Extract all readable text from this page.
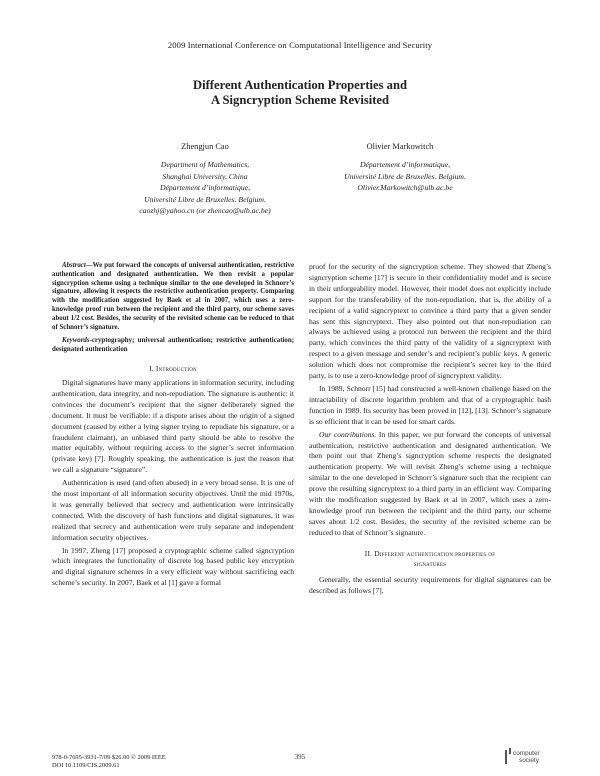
2009 International Conference on Computational Intelligence and Security
Different Authentication Properties and
A Signcryption Scheme Revisited
Zhengjun Cao	Olivier Markowitch
Department of Mathematics,
Shanghai University, China
Département d’informatique,
Université Libre de Bruxelles. Belgium.
caozhj@yahoo.cn (or zhencao@ulb.ac.be)
Département d’informatique,
Université Libre de Bruxelles. Belgium.
Olivier.Markowitch@ulb.ac.be
Abstract—We put forward the concepts of universal authentication, restrictive authentication and designated authentication. We then revisit a popular signcryption scheme using a technique similar to the one developed in Schnorr’s signature, allowing it respects the restrictive authentication property. Comparing with the modification suggested by Baek et al in 2007, which uses a zero-knowledge proof run between the recipient and the third party, our scheme saves about 1/2 cost. Besides, the security of the revisited scheme can be reduced to that of Schnorr’s signature.
Keywords-cryptography; universal authentication; restrictive authentication; designated authentication
I. Introduction

Digital signatures have many applications in information security, including authentication, data integrity, and non-repudiation. The signature is authentic: it convinces the document’s recipient that the signer deliberately signed the document. It must be verifiable: if a dispute arises about the origin of a signed document (caused by either a lying signer trying to repudiate his signature, or a fraudulent claimant), an unbiased third party should be able to resolve the matter equitably, without requiring access to the signer’s secret information (private key) [7]. Roughly speaking, the authentication is just the reason that we call a signature “signature”.

Authentication is used (and often abused) in a very broad sense. It is one of the most important of all information security objectives. Until the mid 1970s, it was generally believed that secrecy and authentication were intrinsically connected. With the discovery of hash functions and digital signatures, it was realized that secrecy and authentication were truly separate and independent information security objectives.

In 1997, Zheng [17] proposed a cryptographic scheme called signcryption which integrates the functionality of discrete log based public key encryption and digital signature schemes in a very efficient way without sacrificing each scheme’s security. In 2007, Baek et al [1] gave a formal

proof for the security of the signcryption scheme. They showed that Zheng’s signcryption scheme [17] is secure in their confidentiality model and is secure in their unforgeability model. However, their model does not explicitly include support for the transferability of the non-repudiation, that is, the ability of a recipient of a valid signcryptext to convince a third party that a given sender has sent this signcryptext. They also pointed out that non-repudiation can always be achieved using a protocol run between the recipient and the third party, which convinces the third party of the validity of a signcryptext with respect to a given message and sender’s and recipient’s public keys. A generic solution which does not compromise the recipient’s secret key to the third party, is to use a zero-knowledge proof of signcryptext validity.

In 1989, Schnorr [15] had constructed a well-known challenge based on the intractability of discrete logarithm problem and that of a cryptographic hash function in 1989. Its security has been proved in [12], [13]. Schnorr’s signature is so efficient that it can be used for smart cards.

Our contributions. In this paper, we put forward the concepts of universal authentication, restrictive authentication and designated authentication. We then point out that Zheng’s signcryption scheme respects the designated authentication property. We will revisit Zheng’s scheme using a technique similar to the one developed in Schnorr’s signature such that the recipient can prove the resulting signcryptext to a third party in an efficient way. Comparing with the modification suggested by Baek et al in 2007, which uses a zero-knowledge proof run between the recipient and the third party, our scheme saves about 1/2 cost. Besides, the security of the revisited scheme can be reduced to that of Schnorr’s signature.

II. Different authentication properties of
signatures

Generally, the essential security requirements for digital signatures can be described as follows [7].

978-0-7695-3931-7/09 $26.00 © 2009 IEEE
DOI 10.1109/CIS.2009.61
395
computer
society
